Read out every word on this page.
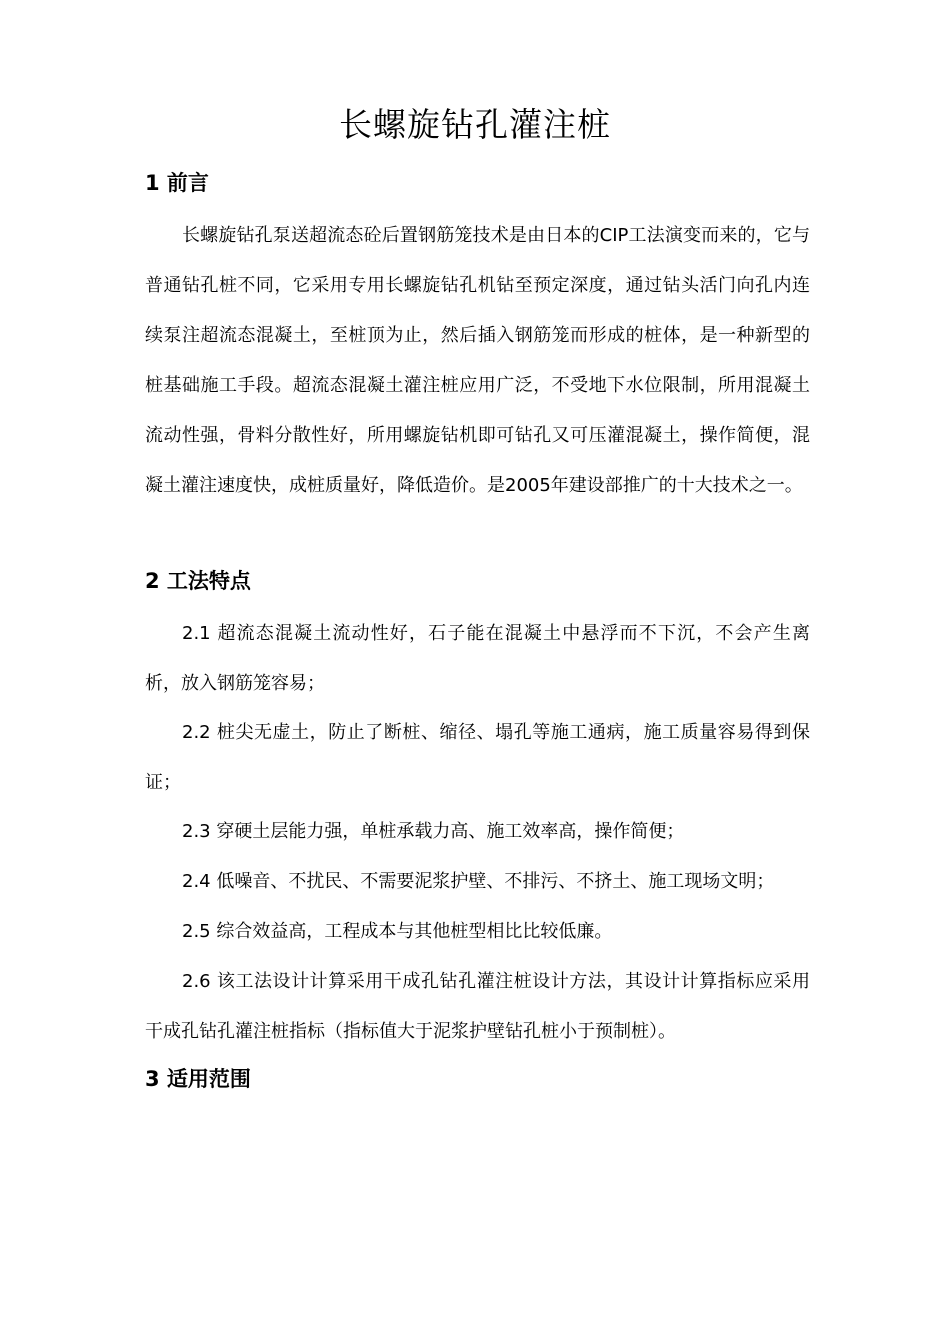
长螺旋钻孔灌注桩
1 前言

长螺旋钻孔泵送超流态砼后置钢筋笼技术是由日本的CIP工法演变而来的，它与普通钻孔桩不同，它采用专用长螺旋钻孔机钻至预定深度，通过钻头活门向孔内连续泵注超流态混凝土，至桩顶为止，然后插入钢筋笼而形成的桩体，是一种新型的桩基础施工手段。超流态混凝土灌注桩应用广泛，不受地下水位限制，所用混凝土流动性强，骨料分散性好，所用螺旋钻机即可钻孔又可压灌混凝土，操作简便，混凝土灌注速度快，成桩质量好，降低造价。是2005年建设部推广的十大技术之一。

2 工法特点

2.1 超流态混凝土流动性好，石子能在混凝土中悬浮而不下沉，不会产生离析，放入钢筋笼容易；

2.2 桩尖无虚土，防止了断桩、缩径、塌孔等施工通病，施工质量容易得到保证；

2.3 穿硬土层能力强，单桩承载力高、施工效率高，操作简便；

2.4 低噪音、不扰民、不需要泥浆护壁、不排污、不挤土、施工现场文明；

2.5 综合效益高，工程成本与其他桩型相比比较低廉。

2.6 该工法设计计算采用干成孔钻孔灌注桩设计方法，其设计计算指标应采用干成孔钻孔灌注桩指标（指标值大于泥浆护壁钻孔桩小于预制桩）。

3 适用范围
